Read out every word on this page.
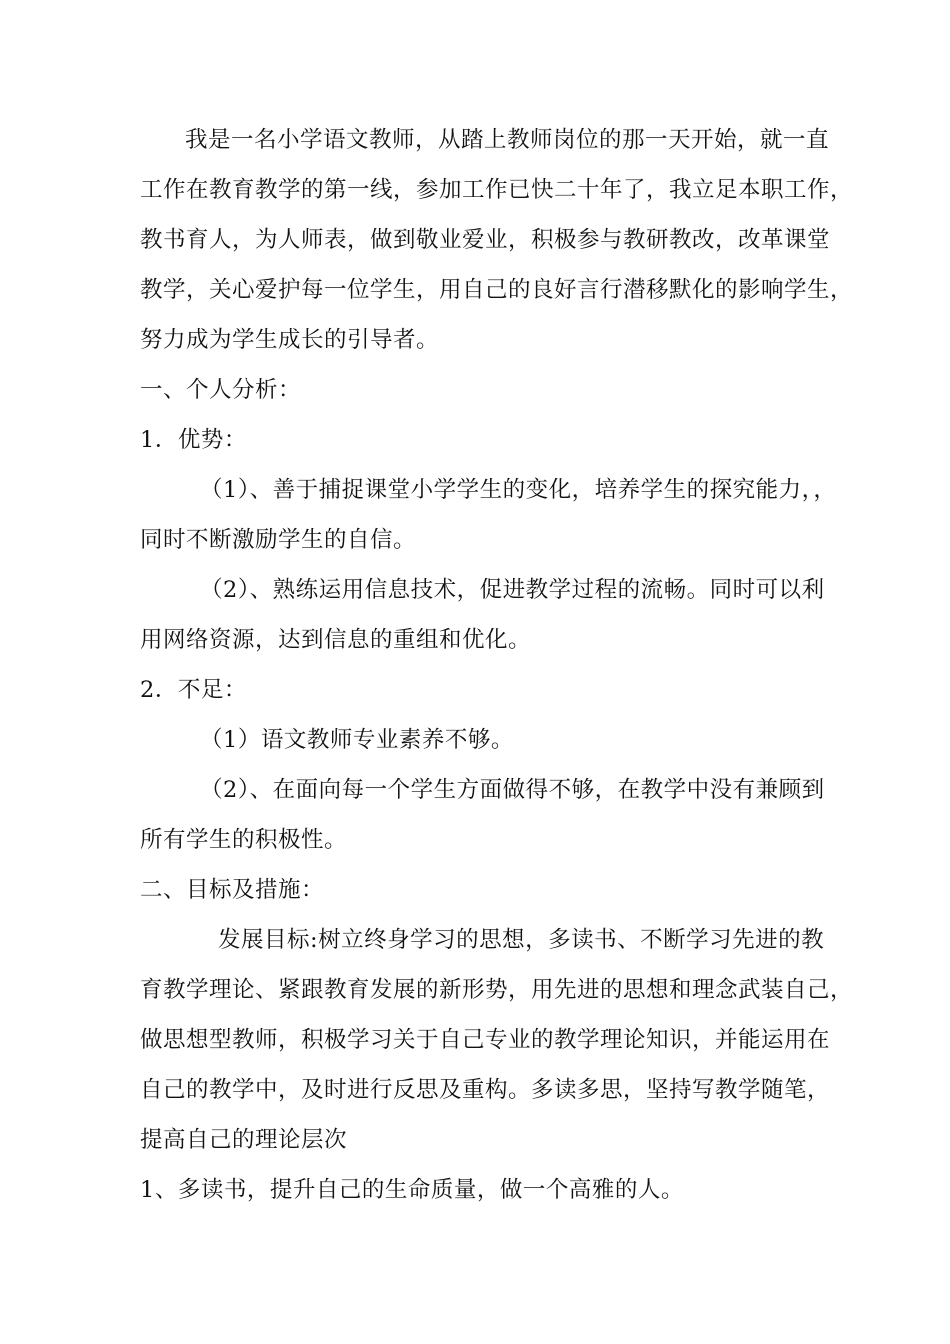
我是一名小学语文教师，从踏上教师岗位的那一天开始，就一直
工作在教育教学的第一线，参加工作已快二十年了，我立足本职工作，
教书育人，为人师表，做到敬业爱业，积极参与教研教改，改革课堂
教学，关心爱护每一位学生，用自己的良好言行潜移默化的影响学生，
努力成为学生成长的引导者。
一、个人分析：
1．优势：
（1）、善于捕捉课堂小学学生的变化，培养学生的探究能力，，
同时不断激励学生的自信。
（2）、熟练运用信息技术，促进教学过程的流畅。同时可以利
用网络资源，达到信息的重组和优化。
2．不足：
（1）语文教师专业素养不够。
（2）、在面向每一个学生方面做得不够，在教学中没有兼顾到
所有学生的积极性。
二、目标及措施：
发展目标:树立终身学习的思想，多读书、不断学习先进的教
育教学理论、紧跟教育发展的新形势，用先进的思想和理念武装自己，
做思想型教师，积极学习关于自己专业的教学理论知识，并能运用在
自己的教学中，及时进行反思及重构。多读多思，坚持写教学随笔，
提高自己的理论层次
1、多读书，提升自己的生命质量，做一个高雅的人。
